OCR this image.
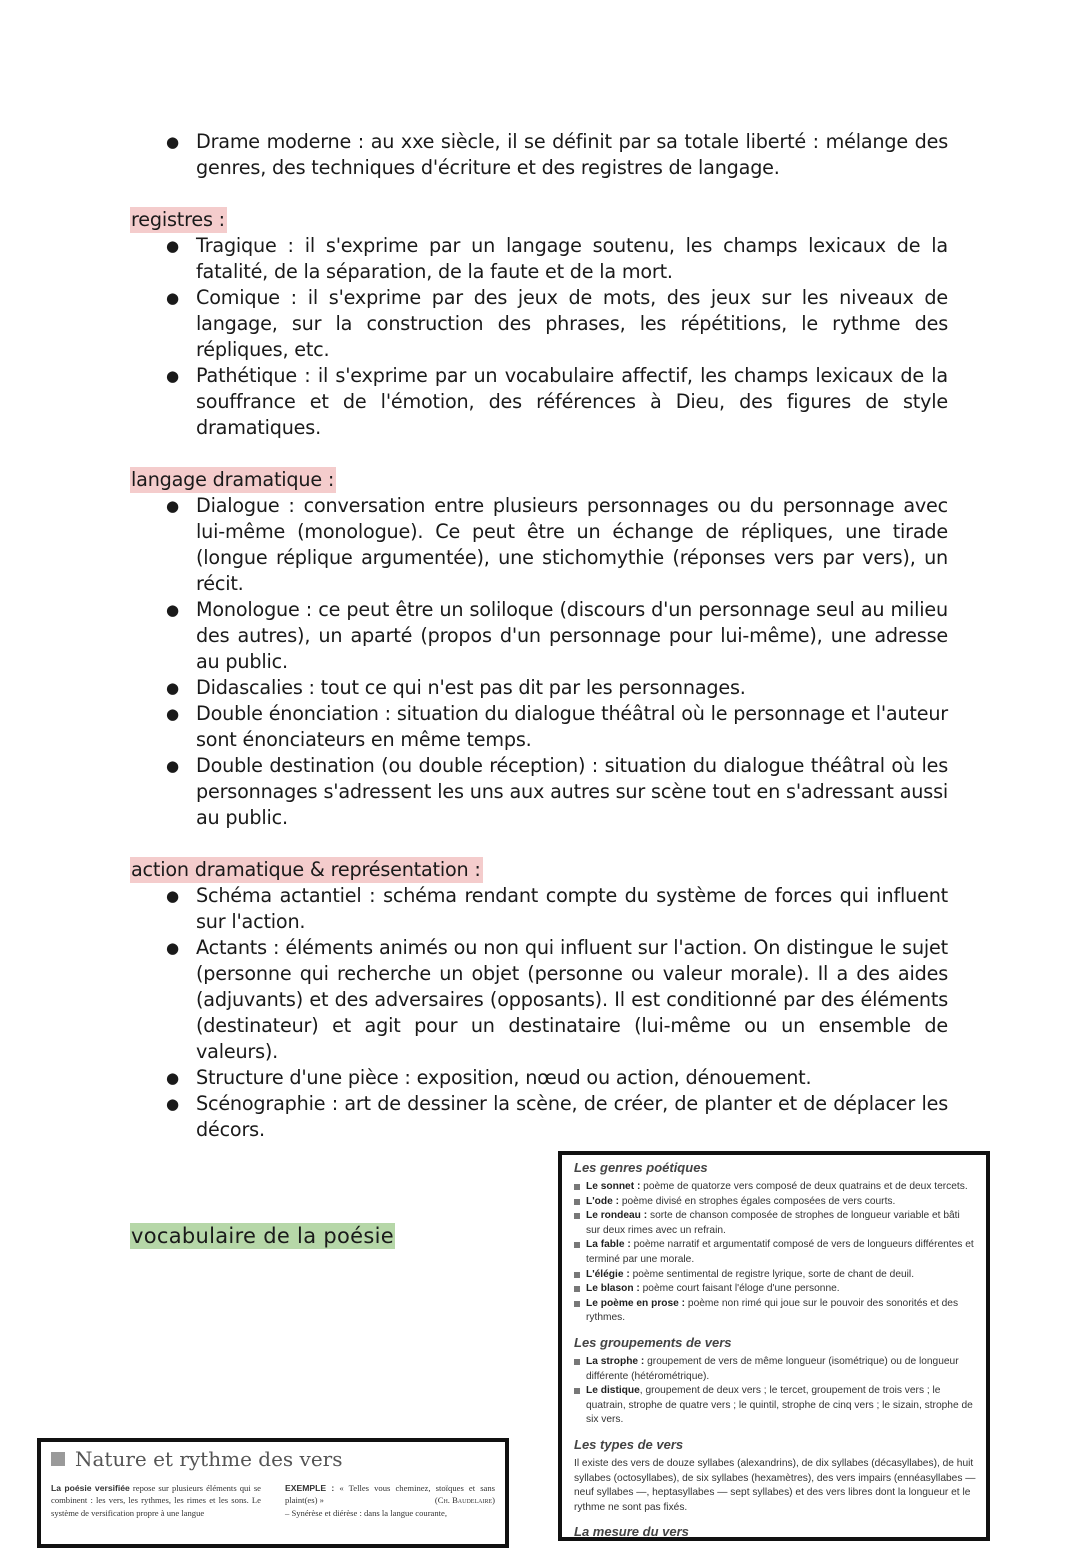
● Drame moderne : au xxe siècle, il se définit par sa totale liberté : mélange des genres, des techniques d'écriture et des registres de langage.
registres :
● Tragique : il s'exprime par un langage soutenu, les champs lexicaux de la fatalité, de la séparation, de la faute et de la mort.
● Comique : il s'exprime par des jeux de mots, des jeux sur les niveaux de langage, sur la construction des phrases, les répétitions, le rythme des répliques, etc.
● Pathétique : il s'exprime par un vocabulaire affectif, les champs lexicaux de la souffrance et de l'émotion, des références à Dieu, des figures de style dramatiques.
langage dramatique :
● Dialogue : conversation entre plusieurs personnages ou du personnage avec lui-même (monologue). Ce peut être un échange de répliques, une tirade (longue réplique argumentée), une stichomythie (réponses vers par vers), un récit.
● Monologue : ce peut être un soliloque (discours d'un personnage seul au milieu des autres), un aparté (propos d'un personnage pour lui-même), une adresse au public.
● Didascalies : tout ce qui n'est pas dit par les personnages.
● Double énonciation : situation du dialogue théâtral où le personnage et l'auteur sont énonciateurs en même temps.
● Double destination (ou double réception) : situation du dialogue théâtral où les personnages s'adressent les uns aux autres sur scène tout en s'adressant aussi au public.
action dramatique & représentation :
● Schéma actantiel : schéma rendant compte du système de forces qui influent sur l'action.
● Actants : éléments animés ou non qui influent sur l'action. On distingue le sujet (personne qui recherche un objet (personne ou valeur morale). Il a des aides (adjuvants) et des adversaires (opposants). Il est conditionné par des éléments (destinateur) et agit pour un destinataire (lui-même ou un ensemble de valeurs).
● Structure d'une pièce : exposition, nœud ou action, dénouement.
● Scénographie : art de dessiner la scène, de créer, de planter et de déplacer les décors.
vocabulaire de la poésie
Les genres poétiques
Le sonnet : poème de quatorze vers composé de deux quatrains et de deux tercets.
L'ode : poème divisé en strophes égales composées de vers courts.
Le rondeau : sorte de chanson composée de strophes de longueur variable et bâti sur deux rimes avec un refrain.
La fable : poème narratif et argumentatif composé de vers de longueurs différentes et terminé par une morale.
L'élégie : poème sentimental de registre lyrique, sorte de chant de deuil.
Le blason : poème court faisant l'éloge d'une personne.
Le poème en prose : poème non rimé qui joue sur le pouvoir des sonorités et des rythmes.
Les groupements de vers
La strophe : groupement de vers de même longueur (isométrique) ou de longueur différente (hétérométrique).
Le distique, groupement de deux vers ; le tercet, groupement de trois vers ; le quatrain, strophe de quatre vers ; le quintil, strophe de cinq vers ; le sizain, strophe de six vers.
Les types de vers
Il existe des vers de douze syllabes (alexandrins), de dix syllabes (décasyllabes), de huit syllabes (octosyllabes), de six syllabes (hexamètres), des vers impairs (ennéasyllabes — neuf syllabes —, heptasyllabes — sept syllabes) et des vers libres dont la longueur et le rythme ne sont pas fixés.
La mesure du vers
Nature et rythme des vers
La poésie versifiée repose sur plusieurs éléments qui se combinent : les vers, les rythmes, les rimes et les sons. Le système de versification propre à une langue
EXEMPLE : « Telles vous cheminez, stoïques et sans plaint(es) »	(Ch. Baudelaire)
– Synérèse et diérèse : dans la langue courante,
